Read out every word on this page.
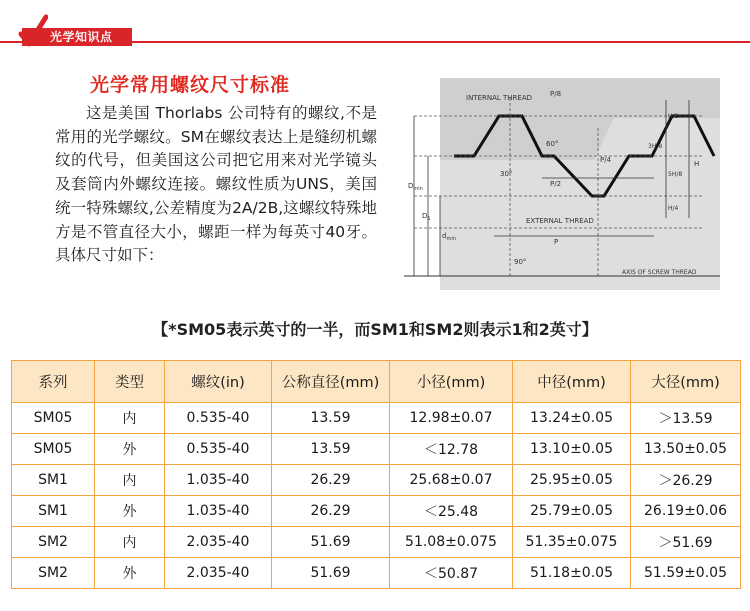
光学知识点
光学常用螺纹尺寸标准

这是美国 Thorlabs 公司特有的螺纹,不是常用的光学螺纹。SM在螺纹表达上是缝纫机螺纹的代号，但美国这公司把它用来对光学镜头及套筒内外螺纹连接。螺纹性质为UNS，美国统一特殊螺纹,公差精度为2A/2B,这螺纹特殊地方是不管直径大小，螺距一样为每英寸40牙。具体尺寸如下：

INTERNAL THREAD
EXTERNAL THREAD
AXIS OF SCREW THREAD
P/8
60°
30°
P/4
P/2
P
90°
H/8
3H/8
5H/8
H/4
H
$D_{min}$
$D_1$
$d_{min}$
【*SM05表示英寸的一半，而SM1和SM2则表示1和2英寸】
系列	类型	螺纹(in)	公称直径(mm)	小径(mm)	中径(mm)	大径(mm)
SM05	内	0.535-40	13.59	12.98±0.07	13.24±0.05	＞13.59
SM05	外	0.535-40	13.59	＜12.78	13.10±0.05	13.50±0.05
SM1	内	1.035-40	26.29	25.68±0.07	25.95±0.05	＞26.29
SM1	外	1.035-40	26.29	＜25.48	25.79±0.05	26.19±0.06
SM2	内	2.035-40	51.69	51.08±0.075	51.35±0.075	＞51.69
SM2	外	2.035-40	51.69	＜50.87	51.18±0.05	51.59±0.05
